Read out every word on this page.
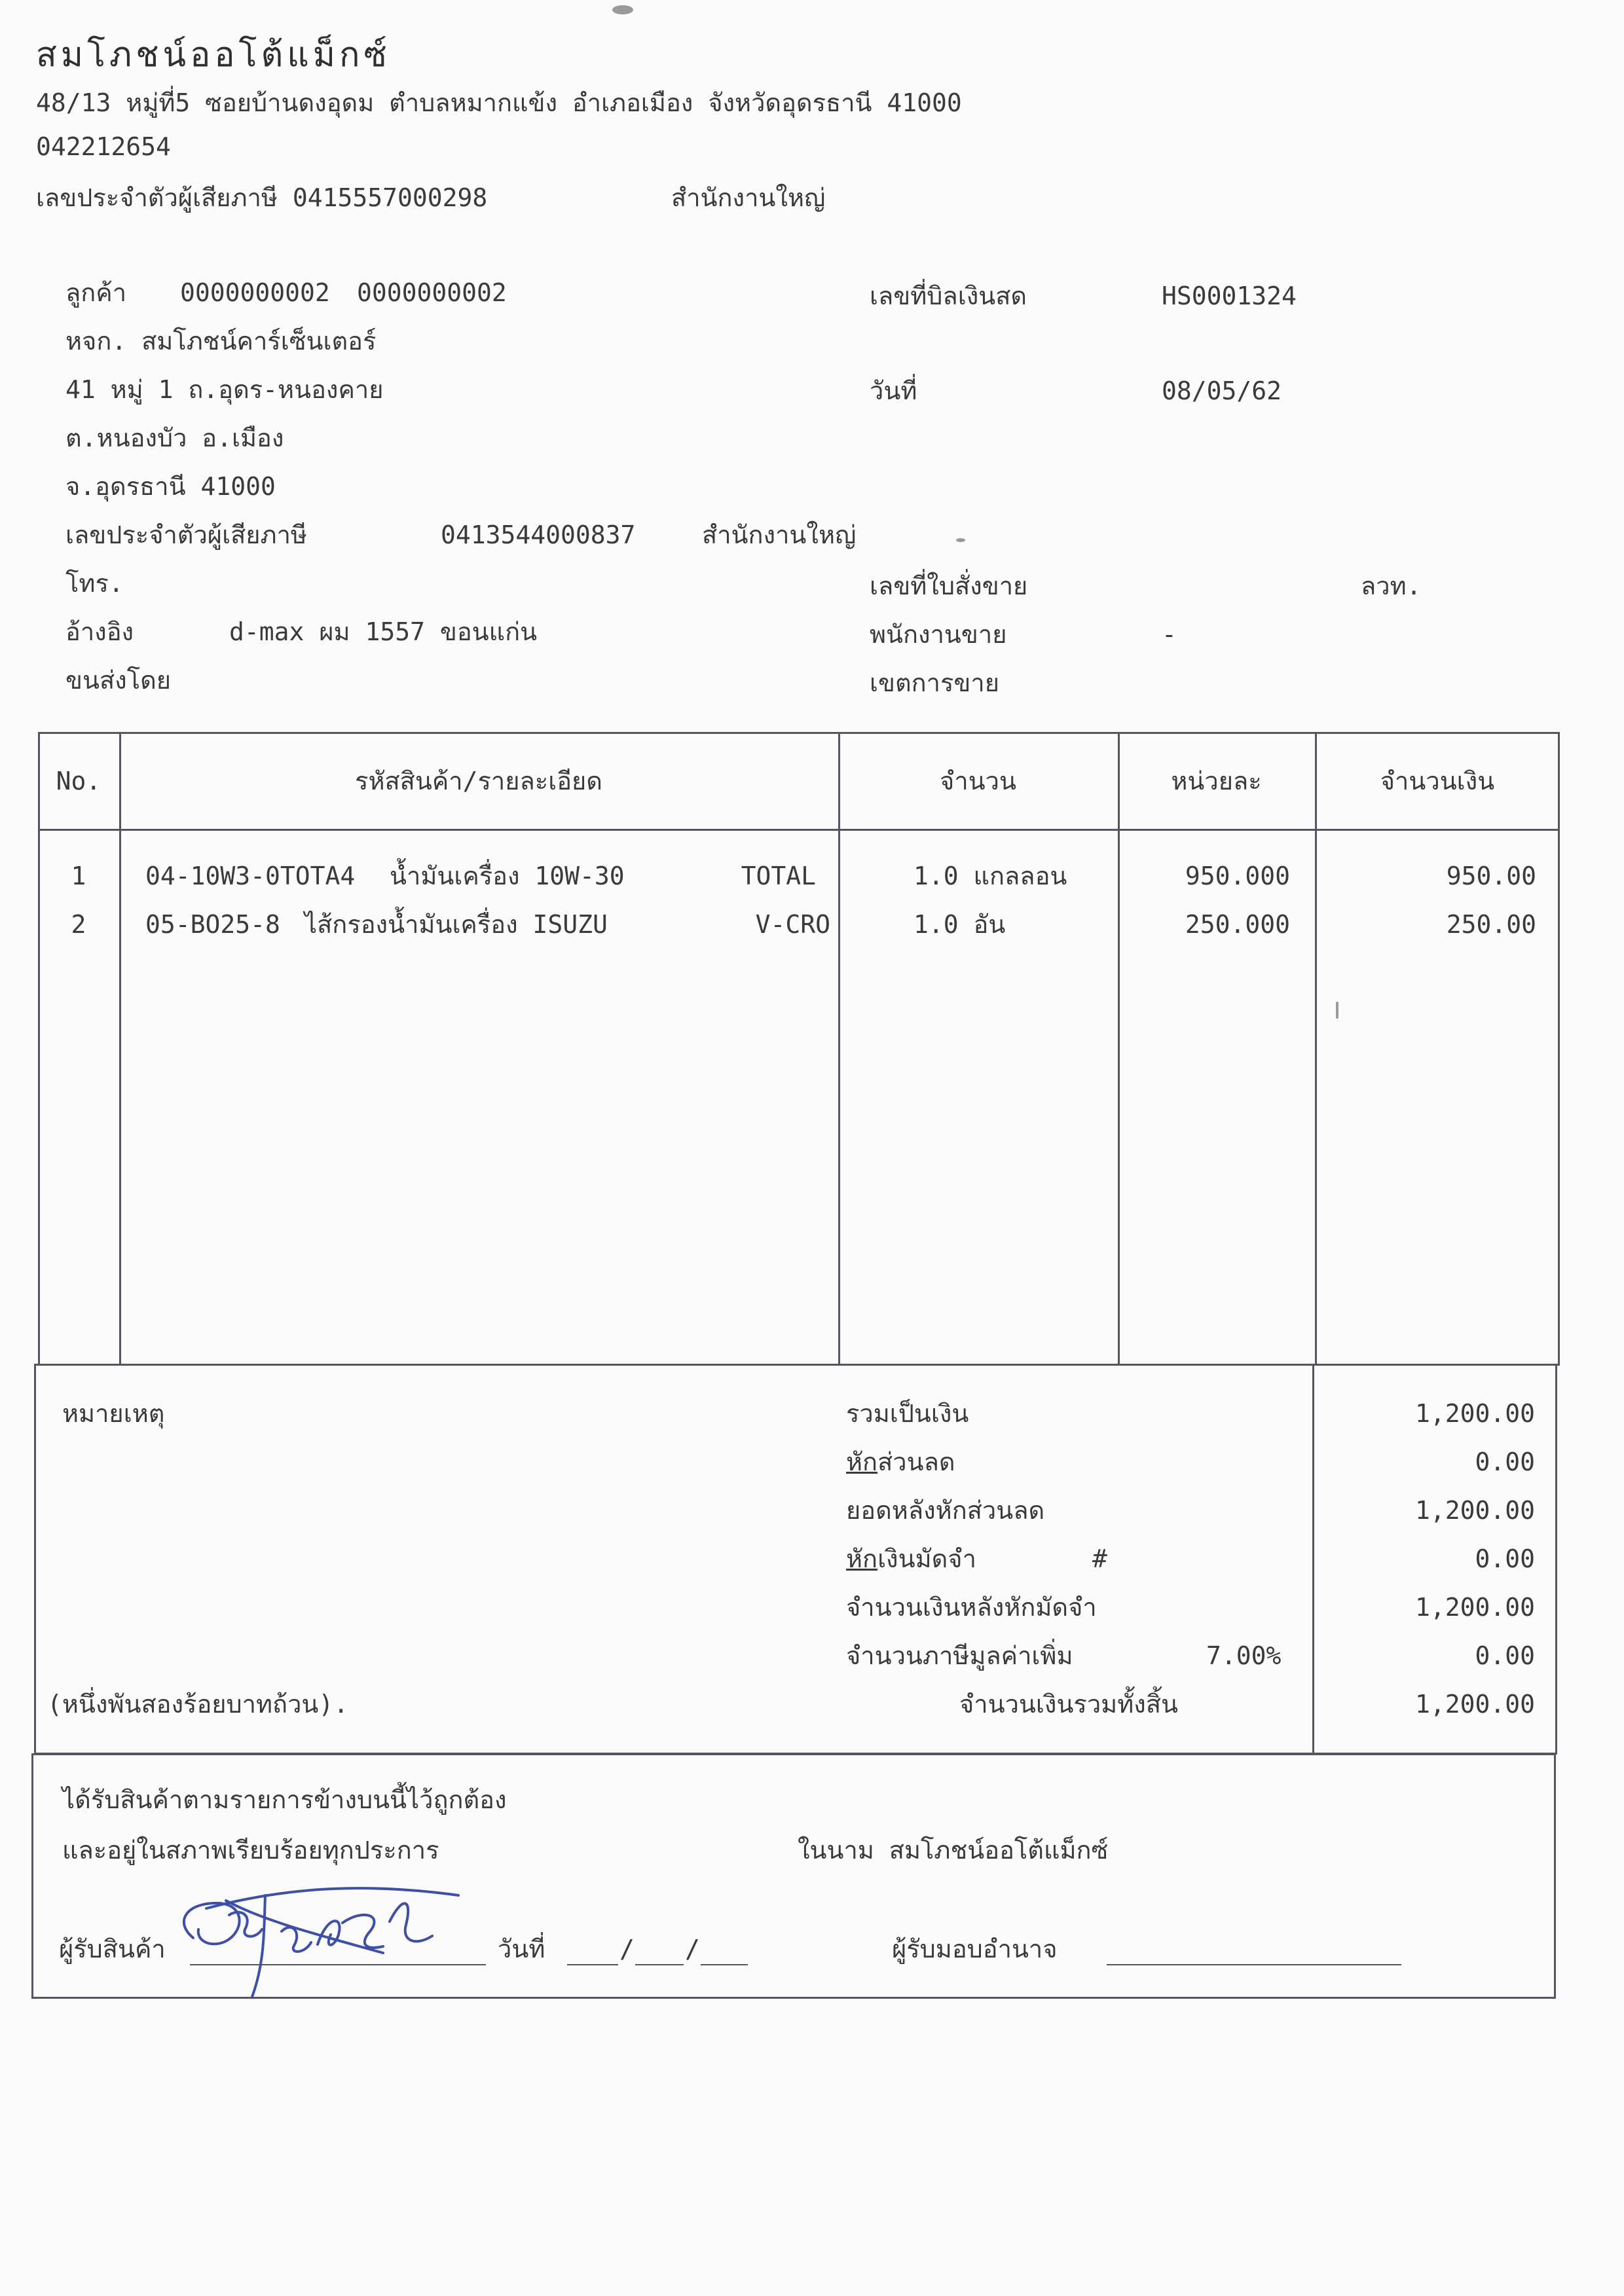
สมโภชน์ออโต้แม็กซ์
48/13 หมู่ที่5 ซอยบ้านดงอุดม ตำบลหมากแข้ง อำเภอเมือง จังหวัดอุดรธานี 41000
042212654
เลขประจำตัวผู้เสียภาษี 0415557000298	สำนักงานใหญ่
ลูกค้า 0000000002 0000000002
หจก. สมโภชน์คาร์เซ็นเตอร์
41 หมู่ 1 ถ.อุดร-หนองคาย
ต.หนองบัว อ.เมือง
จ.อุดรธานี 41000
เลขประจำตัวผู้เสียภาษี	0413544000837	สำนักงานใหญ่
โทร.
อ้างอิง	d-max ผม 1557 ขอนแก่น
ขนส่งโดย
เลขที่บิลเงินสด	HS0001324
วันที่	08/05/62
เลขที่ใบสั่งขาย	ลวท.
พนักงานขาย	-
เขตการขาย
No.	รหัสสินค้า/รายละเอียด	จำนวน	หน่วยละ	จำนวนเงิน
1	04-10W3-0TOTA4 น้ำมันเครื่อง 10W-30	TOTAL	1.0 แกลลอน	950.000	950.00
2	05-BO25-8 ไส้กรองน้ำมันเครื่อง ISUZU	V-CRO	1.0 อัน	250.000	250.00
หมายเหตุ	รวมเป็นเงิน	1,200.00
หักส่วนลด	0.00
ยอดหลังหักส่วนลด	1,200.00
หักเงินมัดจำ	#	0.00
จำนวนเงินหลังหักมัดจำ	1,200.00
จำนวนภาษีมูลค่าเพิ่ม	7.00%	0.00
(หนึ่งพันสองร้อยบาทถ้วน).	จำนวนเงินรวมทั้งสิ้น	1,200.00
ได้รับสินค้าตามรายการข้างบนนี้ไว้ถูกต้อง
และอยู่ในสภาพเรียบร้อยทุกประการ	ในนาม สมโภชน์ออโต้แม็กซ์
ผู้รับสินค้า	วันที่	/ /	ผู้รับมอบอำนาจ
